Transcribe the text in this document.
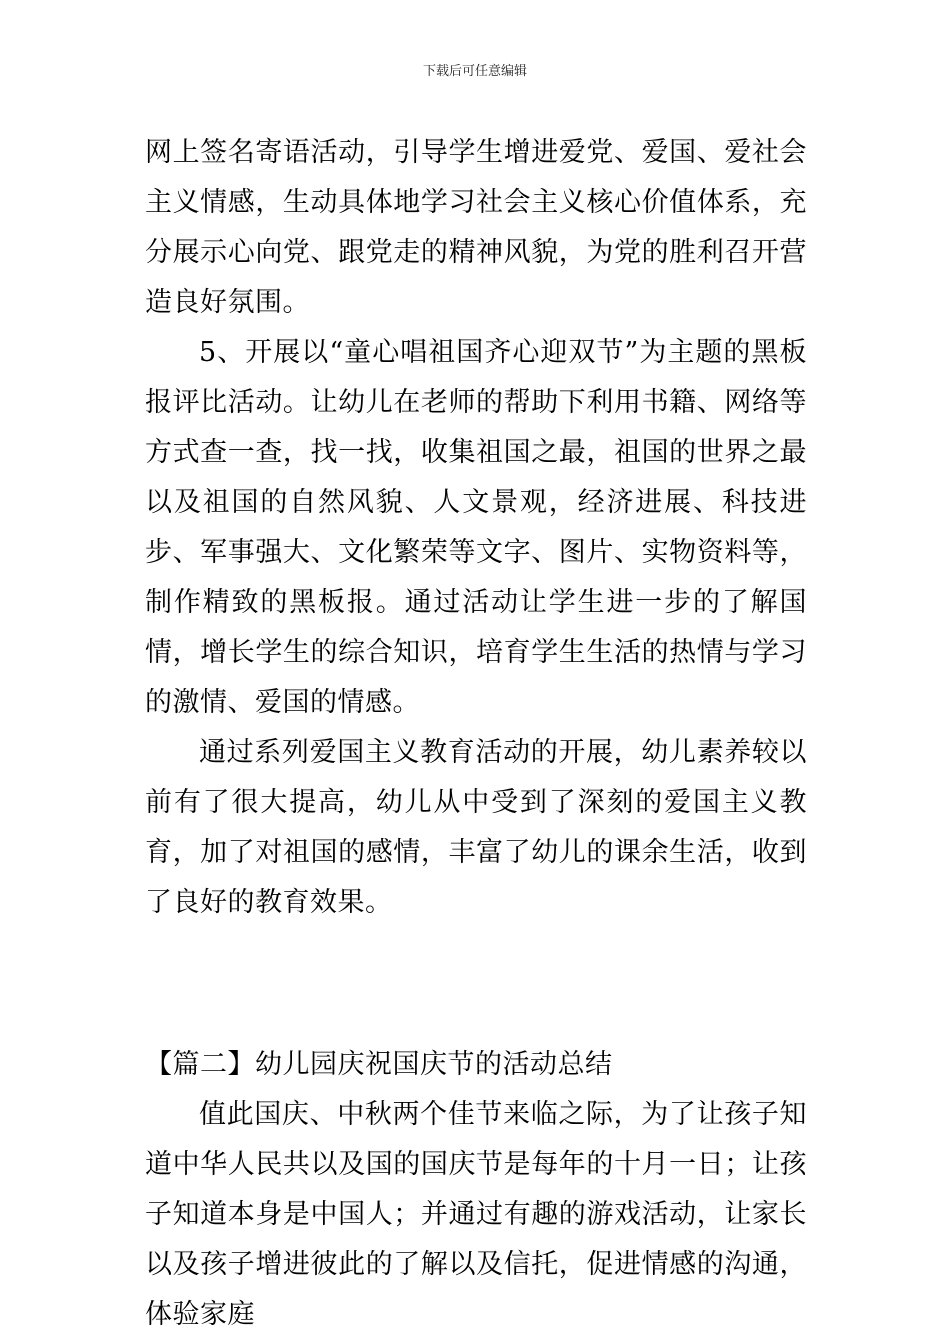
下载后可任意编辑

网上签名寄语活动，引导学生增进爱党、爱国、爱社会主义情感，生动具体地学习社会主义核心价值体系，充分展示心向党、跟党走的精神风貌，为党的胜利召开营造良好氛围。

5、开展以“童心唱祖国齐心迎双节”为主题的黑板报评比活动。让幼儿在老师的帮助下利用书籍、网络等方式查一查，找一找，收集祖国之最，祖国的世界之最以及祖国的自然风貌、人文景观，经济进展、科技进步、军事强大、文化繁荣等文字、图片、实物资料等，制作精致的黑板报。通过活动让学生进一步的了解国情，增长学生的综合知识，培育学生生活的热情与学习的激情、爱国的情感。

通过系列爱国主义教育活动的开展，幼儿素养较以前有了很大提高，幼儿从中受到了深刻的爱国主义教育，加了对祖国的感情，丰富了幼儿的课余生活，收到了良好的教育效果。

【篇二】幼儿园庆祝国庆节的活动总结

值此国庆、中秋两个佳节来临之际，为了让孩子知道中华人民共以及国的国庆节是每年的十月一日；让孩子知道本身是中国人；并通过有趣的游戏活动，让家长以及孩子增进彼此的了解以及信托，促进情感的沟通，体验家庭
